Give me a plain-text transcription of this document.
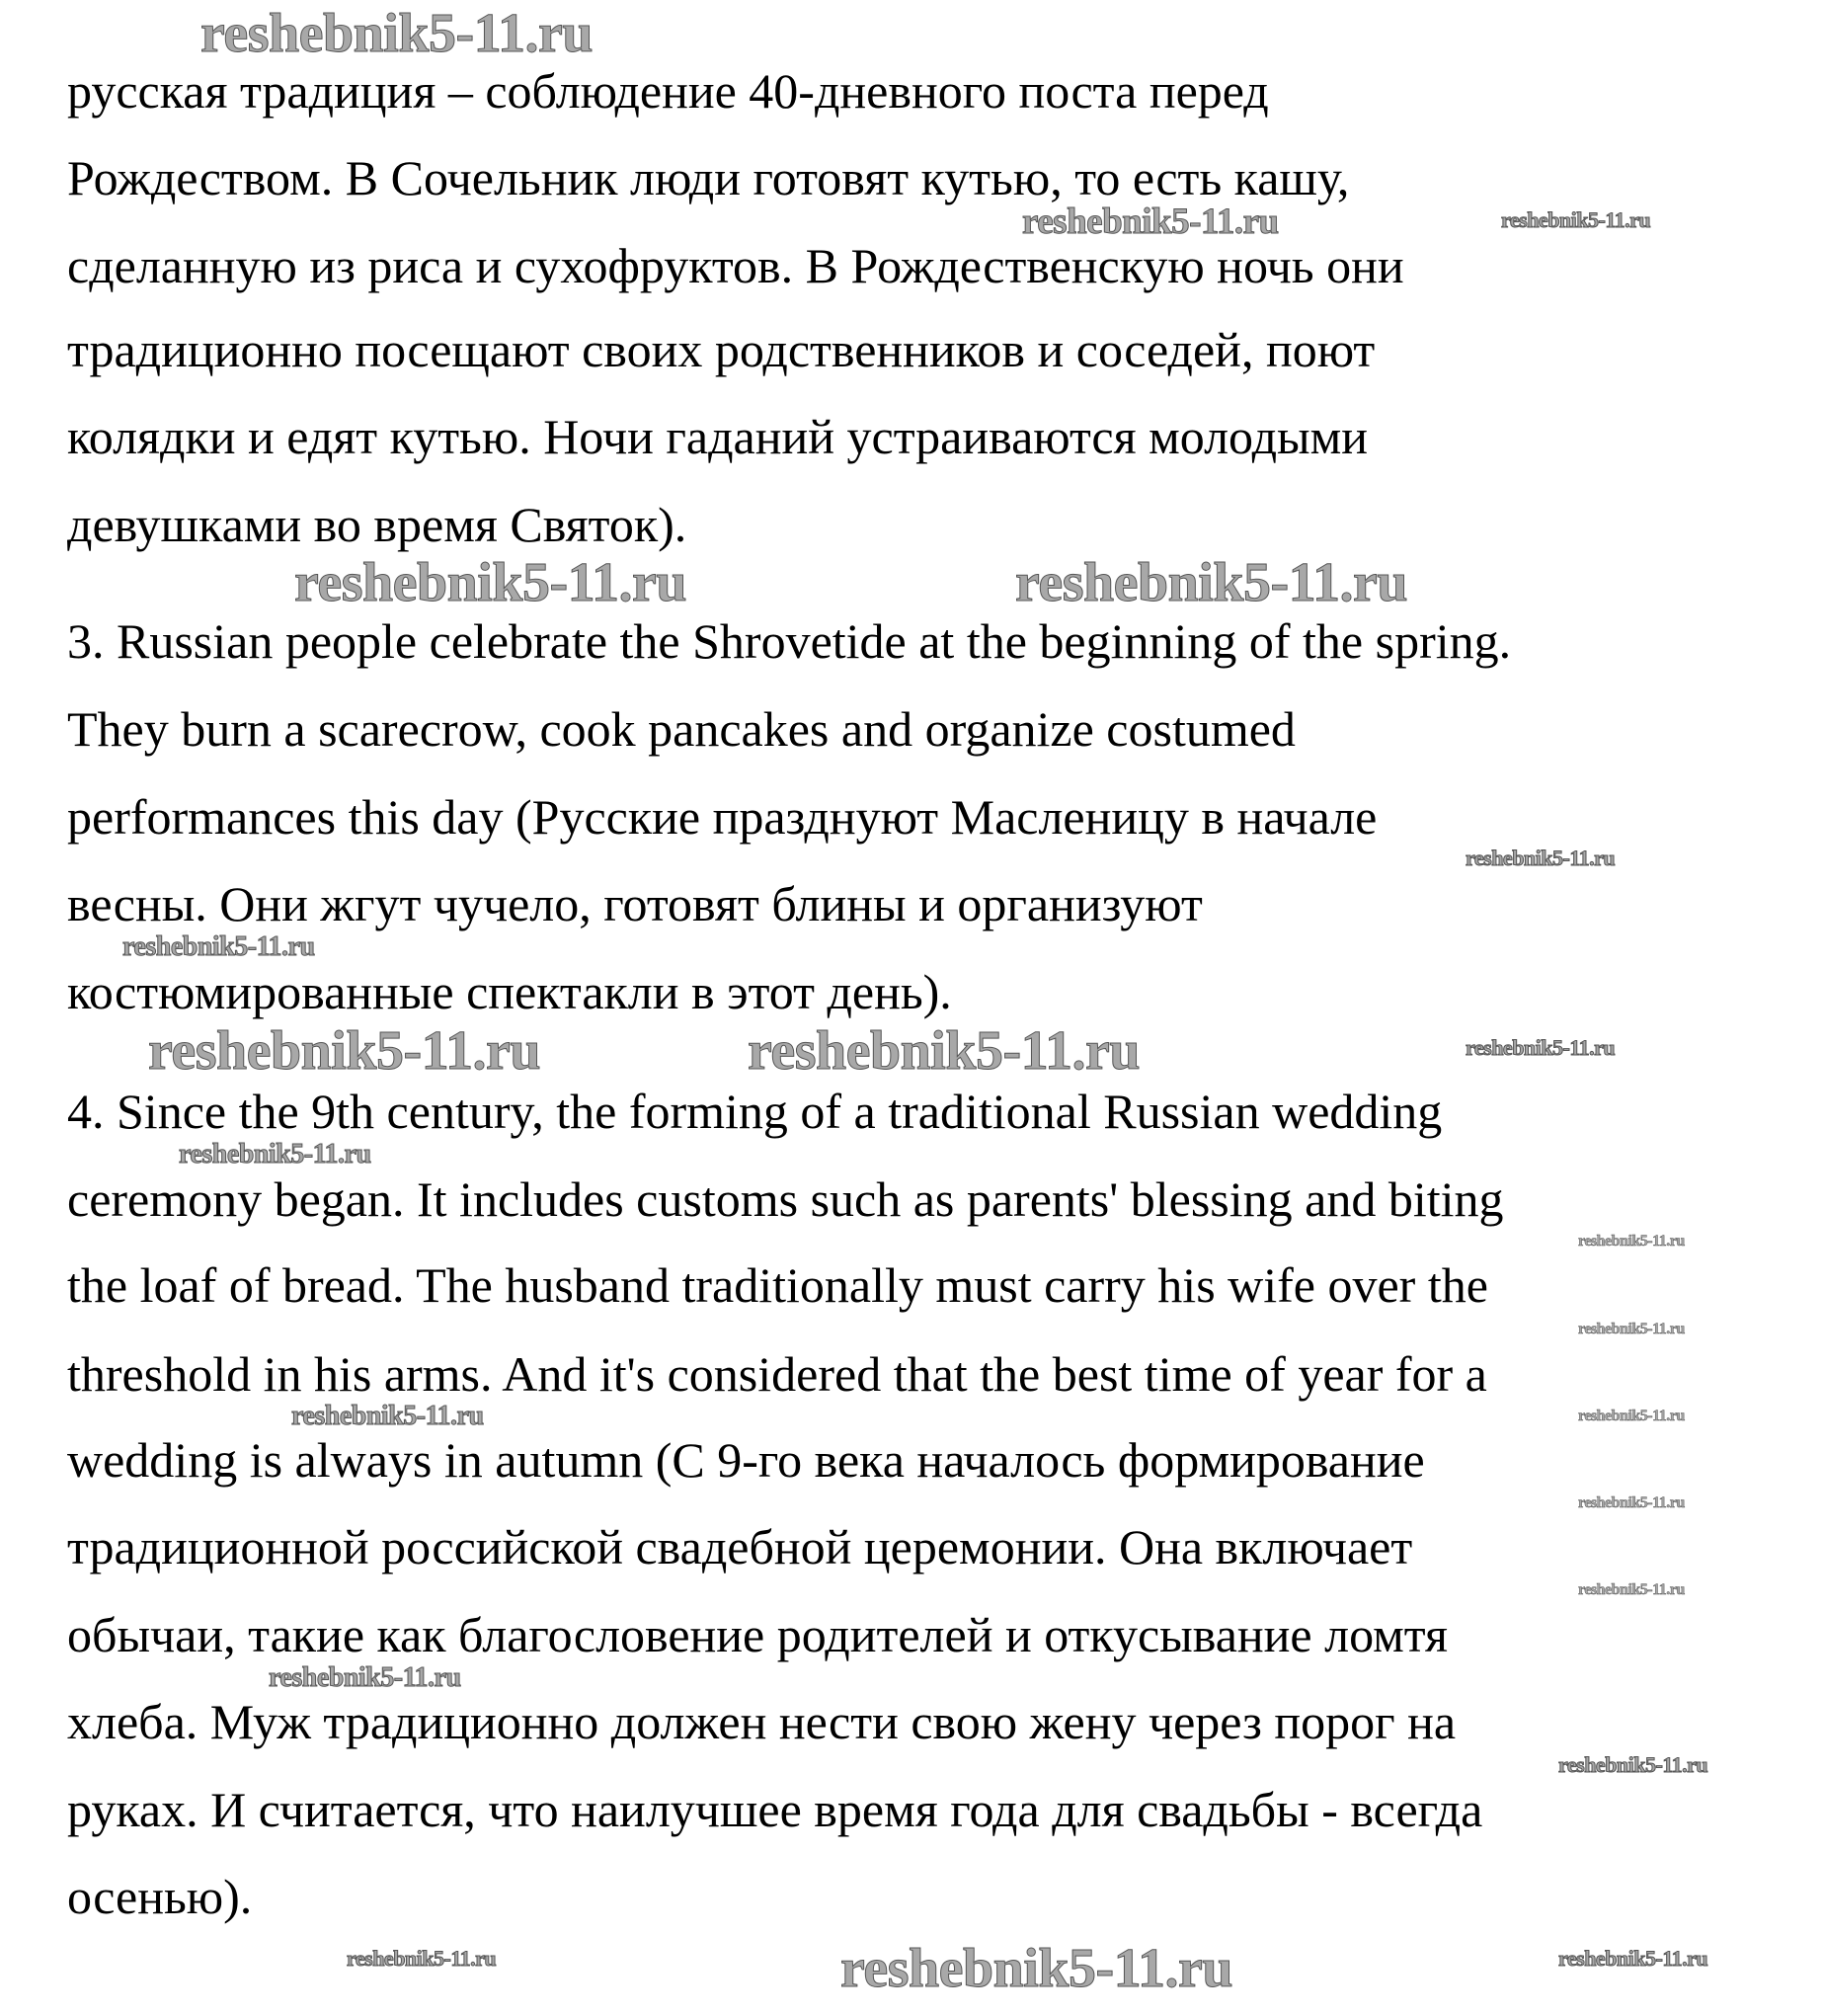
русская традиция – соблюдение 40-дневного поста перед
Рождеством. В Сочельник люди готовят кутью, то есть кашу,
сделанную из риса и сухофруктов. В Рождественскую ночь они
традиционно посещают своих родственников и соседей, поют
колядки и едят кутью. Ночи гаданий устраиваются молодыми
девушками во время Святок).
3. Russian people celebrate the Shrovetide at the beginning of the spring.
They burn a scarecrow, cook pancakes and organize costumed
performances this day (Русские празднуют Масленицу в начале
весны. Они жгут чучело, готовят блины и организуют
костюмированные спектакли в этот день).
4. Since the 9th century, the forming of a traditional Russian wedding
ceremony began. It includes customs such as parents' blessing and biting
the loaf of bread. The husband traditionally must carry his wife over the
threshold in his arms. And it's considered that the best time of year for a
wedding is always in autumn (С 9-го века началось формирование
традиционной российской свадебной церемонии. Она включает
обычаи, такие как благословение родителей и откусывание ломтя
хлеба. Муж традиционно должен нести свою жену через порог на
руках. И считается, что наилучшее время года для свадьбы - всегда
осенью).
reshebnik5-11.ru
reshebnik5-11.ru	reshebnik5-11.ru
reshebnik5-11.ru	reshebnik5-11.ru
reshebnik5-11.ru
reshebnik5-11.ru
reshebnik5-11.ru	reshebnik5-11.ru
reshebnik5-11.ru
reshebnik5-11.ru
reshebnik5-11.ru
reshebnik5-11.ru
reshebnik5-11.ru
reshebnik5-11.ru
reshebnik5-11.ru
reshebnik5-11.ru
reshebnik5-11.ru
reshebnik5-11.ru
reshebnik5-11.ru
reshebnik5-11.ru	reshebnik5-11.ru
